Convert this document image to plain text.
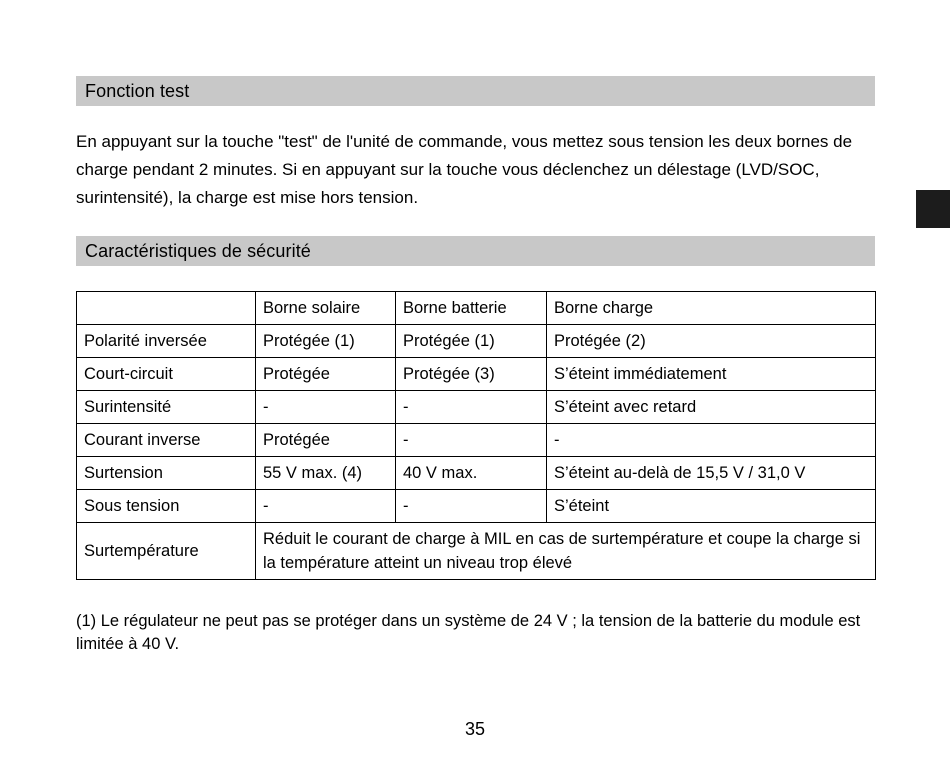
Fonction test

En appuyant sur la touche "test" de l'unité de commande, vous mettez sous tension les deux bornes de charge pendant 2 minutes. Si en appuyant sur la touche vous déclenchez un délestage (LVD/SOC, surintensité), la charge est mise hors tension.

Caractéristiques de sécurité
	Borne solaire	Borne batterie	Borne charge
Polarité inversée	Protégée (1)	Protégée (1)	Protégée (2)
Court-circuit	Protégée	Protégée (3)	S’éteint immédiatement
Surintensité	-	-	S’éteint avec retard
Courant inverse	Protégée	-	-
Surtension	55 V max. (4)	40 V max.	S’éteint au-delà de 15,5 V / 31,0 V
Sous tension	-	-	S’éteint
Surtempérature	Réduit le courant de charge à MIL en cas de surtempérature et coupe la charge si la température atteint un niveau trop élevé		

(1) Le régulateur ne peut pas se protéger dans un système de 24 V ; la tension de la batterie du module est limitée à 40 V.

35
